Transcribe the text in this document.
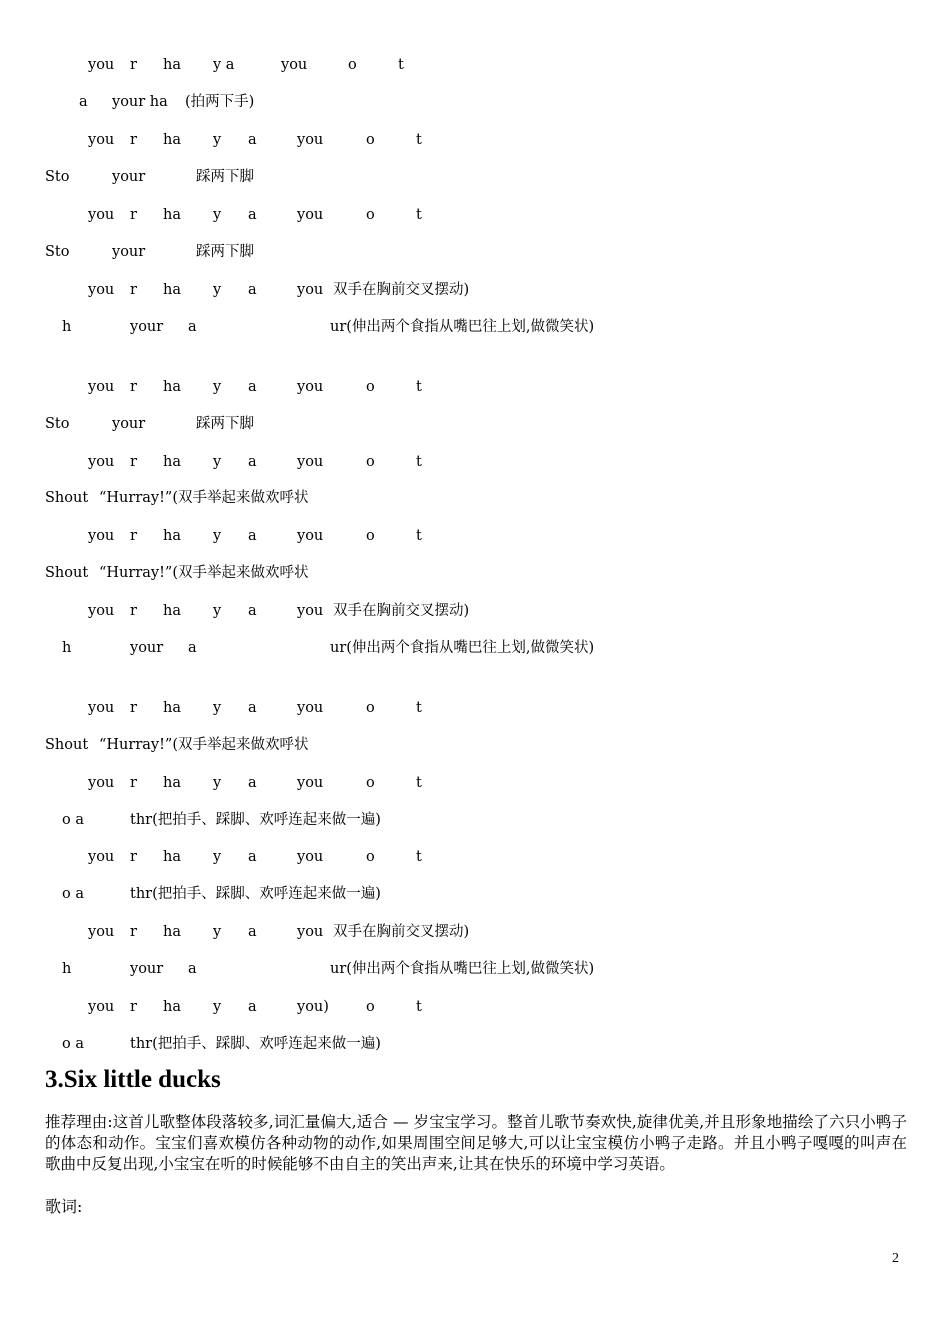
you r ha y a	you	o	t
a your ha (拍两下手)
you r ha y a	you	o	t
Sto	your	踩两下脚
you r ha y a	you	o	t
Sto	your	踩两下脚
you r ha y a	you 双手在胸前交叉摆动)
h	your a	ur(伸出两个食指从嘴巴往上划,做微笑状)
you r ha y a	you	o	t
Sto	your	踩两下脚
you r ha y a	you	o	t
Shout “Hurray!”(双手举起来做欢呼状
you r ha y a	you	o	t
Shout “Hurray!”(双手举起来做欢呼状
you r ha y a	you 双手在胸前交叉摆动)
h	your a	ur(伸出两个食指从嘴巴往上划,做微笑状)
you r ha y a	you	o	t
Shout “Hurray!”(双手举起来做欢呼状
you r ha y a	you	o	t
o a	thr(把拍手、踩脚、欢呼连起来做一遍)
you r ha y a	you	o	t
o a	thr(把拍手、踩脚、欢呼连起来做一遍)
you r ha y a	you 双手在胸前交叉摆动)
h	your a	ur(伸出两个食指从嘴巴往上划,做微笑状)
you r ha y a	you)	o	t
o a	thr(把拍手、踩脚、欢呼连起来做一遍)
3.Six little ducks
推荐理由:这首儿歌整体段落较多,词汇量偏大,适合 — 岁宝宝学习。整首儿歌节奏欢快,旋律优美,并且形象地描绘了六只小鸭子的体态和动作。宝宝们喜欢模仿各种动物的动作,如果周围空间足够大,可以让宝宝模仿小鸭子走路。并且小鸭子嘎嘎的叫声在歌曲中反复出现,小宝宝在听的时候能够不由自主的笑出声来,让其在快乐的环境中学习英语。
歌词:
2
